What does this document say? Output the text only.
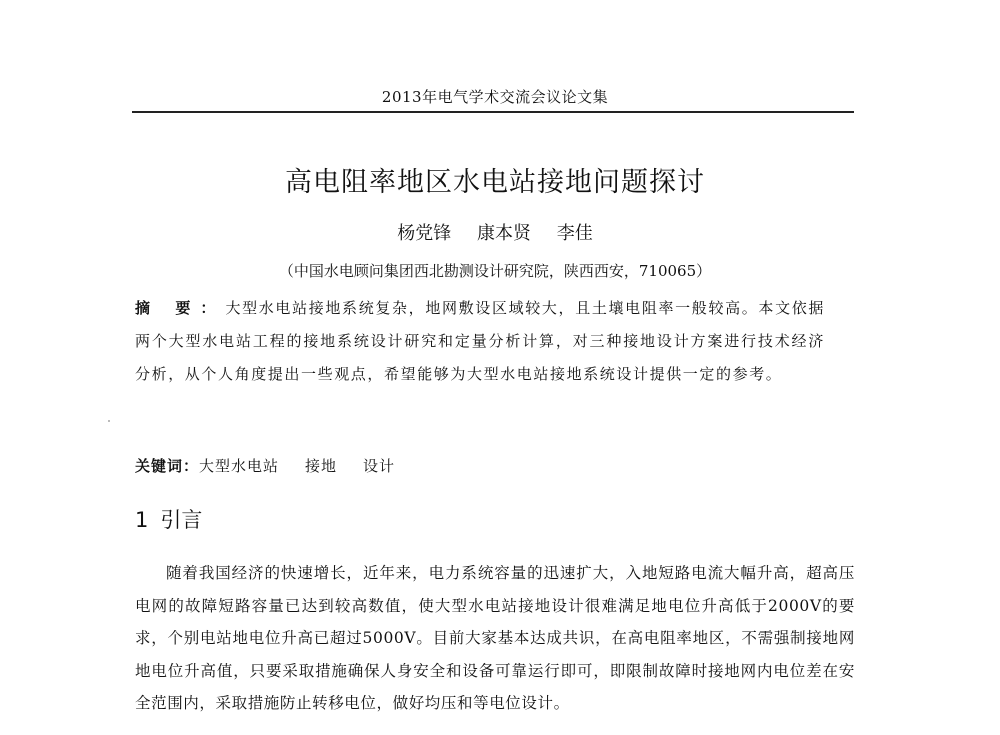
2013年电气学术交流会议论文集
高电阻率地区水电站接地问题探讨
杨党锋 康本贤 李佳
（中国水电顾问集团西北勘测设计研究院，陕西西安，710065）
摘 要：大型水电站接地系统复杂，地网敷设区域较大，且土壤电阻率一般较高。本文依据两个大型水电站工程的接地系统设计研究和定量分析计算，对三种接地设计方案进行技术经济分析，从个人角度提出一些观点，希望能够为大型水电站接地系统设计提供一定的参考。
关键词：大型水电站 接地 设计
1 引言
随着我国经济的快速增长，近年来，电力系统容量的迅速扩大，入地短路电流大幅升高，超高压电网的故障短路容量已达到较高数值，使大型水电站接地设计很难满足地电位升高低于2000V的要求，个别电站地电位升高已超过5000V。目前大家基本达成共识，在高电阻率地区，不需强制接地网地电位升高值，只要采取措施确保人身安全和设备可靠运行即可，即限制故障时接地网内电位差在安全范围内，采取措施防止转移电位，做好均压和等电位设计。
